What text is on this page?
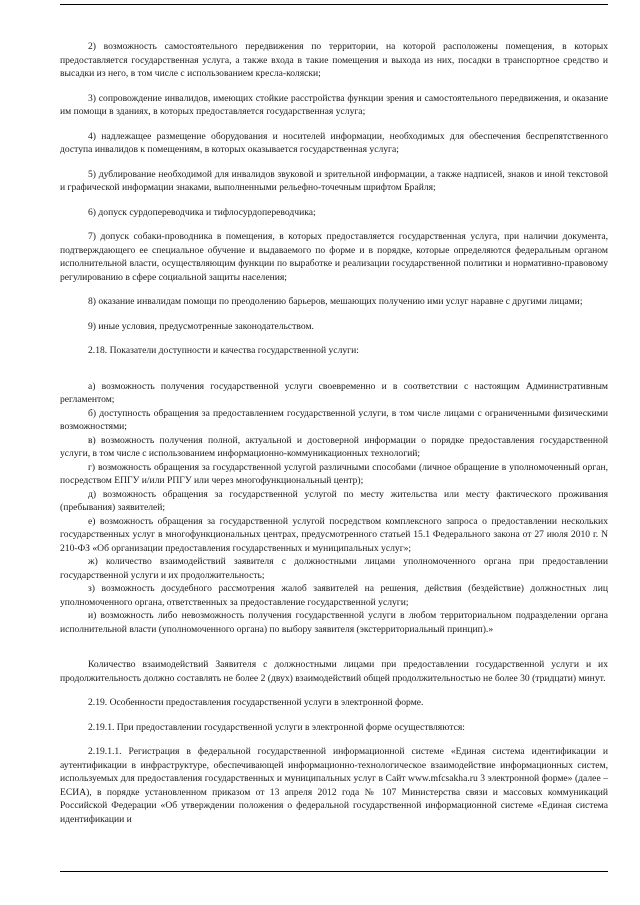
2) возможность самостоятельного передвижения по территории, на которой расположены помещения, в которых предоставляется государственная услуга, а также входа в такие помещения и выхода из них, посадки в транспортное средство и высадки из него, в том числе с использованием кресла-коляски;

3) сопровождение инвалидов, имеющих стойкие расстройства функции зрения и самостоятельного передвижения, и оказание им помощи в зданиях, в которых предоставляется государственная услуга;

4) надлежащее размещение оборудования и носителей информации, необходимых для обеспечения беспрепятственного доступа инвалидов к помещениям, в которых оказывается государственная услуга;

5) дублирование необходимой для инвалидов звуковой и зрительной информации, а также надписей, знаков и иной текстовой и графической информации знаками, выполненными рельефно-точечным шрифтом Брайля;

6) допуск сурдопереводчика и тифлосурдопереводчика;

7) допуск собаки-проводника в помещения, в которых предоставляется государственная услуга, при наличии документа, подтверждающего ее специальное обучение и выдаваемого по форме и в порядке, которые определяются федеральным органом исполнительной власти, осуществляющим функции по выработке и реализации государственной политики и нормативно-правовому регулированию в сфере социальной защиты населения;

8) оказание инвалидам помощи по преодолению барьеров, мешающих получению ими услуг наравне с другими лицами;

9) иные условия, предусмотренные законодательством.

2.18. Показатели доступности и качества государственной услуги:

а) возможность получения государственной услуги своевременно и в соответствии с настоящим Административным регламентом;

б) доступность обращения за предоставлением государственной услуги, в том числе лицами с ограниченными физическими возможностями;

в) возможность получения полной, актуальной и достоверной информации о порядке предоставления государственной услуги, в том числе с использованием информационно-коммуникационных технологий;

г) возможность обращения за государственной услугой различными способами (личное обращение в уполномоченный орган, посредством ЕПГУ и/или РПГУ или через многофункциональный центр);

д) возможность обращения за государственной услугой по месту жительства или месту фактического проживания (пребывания) заявителей;

е) возможность обращения за государственной услугой посредством комплексного запроса о предоставлении нескольких государственных услуг в многофункциональных центрах, предусмотренного статьей 15.1 Федерального закона от 27 июля 2010 г. N 210-ФЗ «Об организации предоставления государственных и муниципальных услуг»;

ж) количество взаимодействий заявителя с должностными лицами уполномоченного органа при предоставлении государственной услуги и их продолжительность;

з) возможность досудебного рассмотрения жалоб заявителей на решения, действия (бездействие) должностных лиц уполномоченного органа, ответственных за предоставление государственной услуги;

и) возможность либо невозможность получения государственной услуги в любом территориальном подразделении органа исполнительной власти (уполномоченного органа) по выбору заявителя (экстерриториальный принцип).»

Количество взаимодействий Заявителя с должностными лицами при предоставлении государственной услуги и их продолжительность должно составлять не более 2 (двух) взаимодействий общей продолжительностью не более 30 (тридцати) минут.

2.19. Особенности предоставления государственной услуги в электронной форме.

2.19.1. При предоставлении государственной услуги в электронной форме осуществляются:

2.19.1.1. Регистрация в федеральной государственной информационной системе «Единая система идентификации и аутентификации в инфраструктуре, обеспечивающей информационно-технологическое взаимодействие информационных систем, используемых для предоставления государственных и муниципальных услуг в Сайт www.mfcsakha.ru 3 электронной форме» (далее – ЕСИА), в порядке установленном приказом от 13 апреля 2012 года № 107 Министерства связи и массовых коммуникаций Российской Федерации «Об утверждении положения о федеральной государственной информационной системе «Единая система идентификации и
